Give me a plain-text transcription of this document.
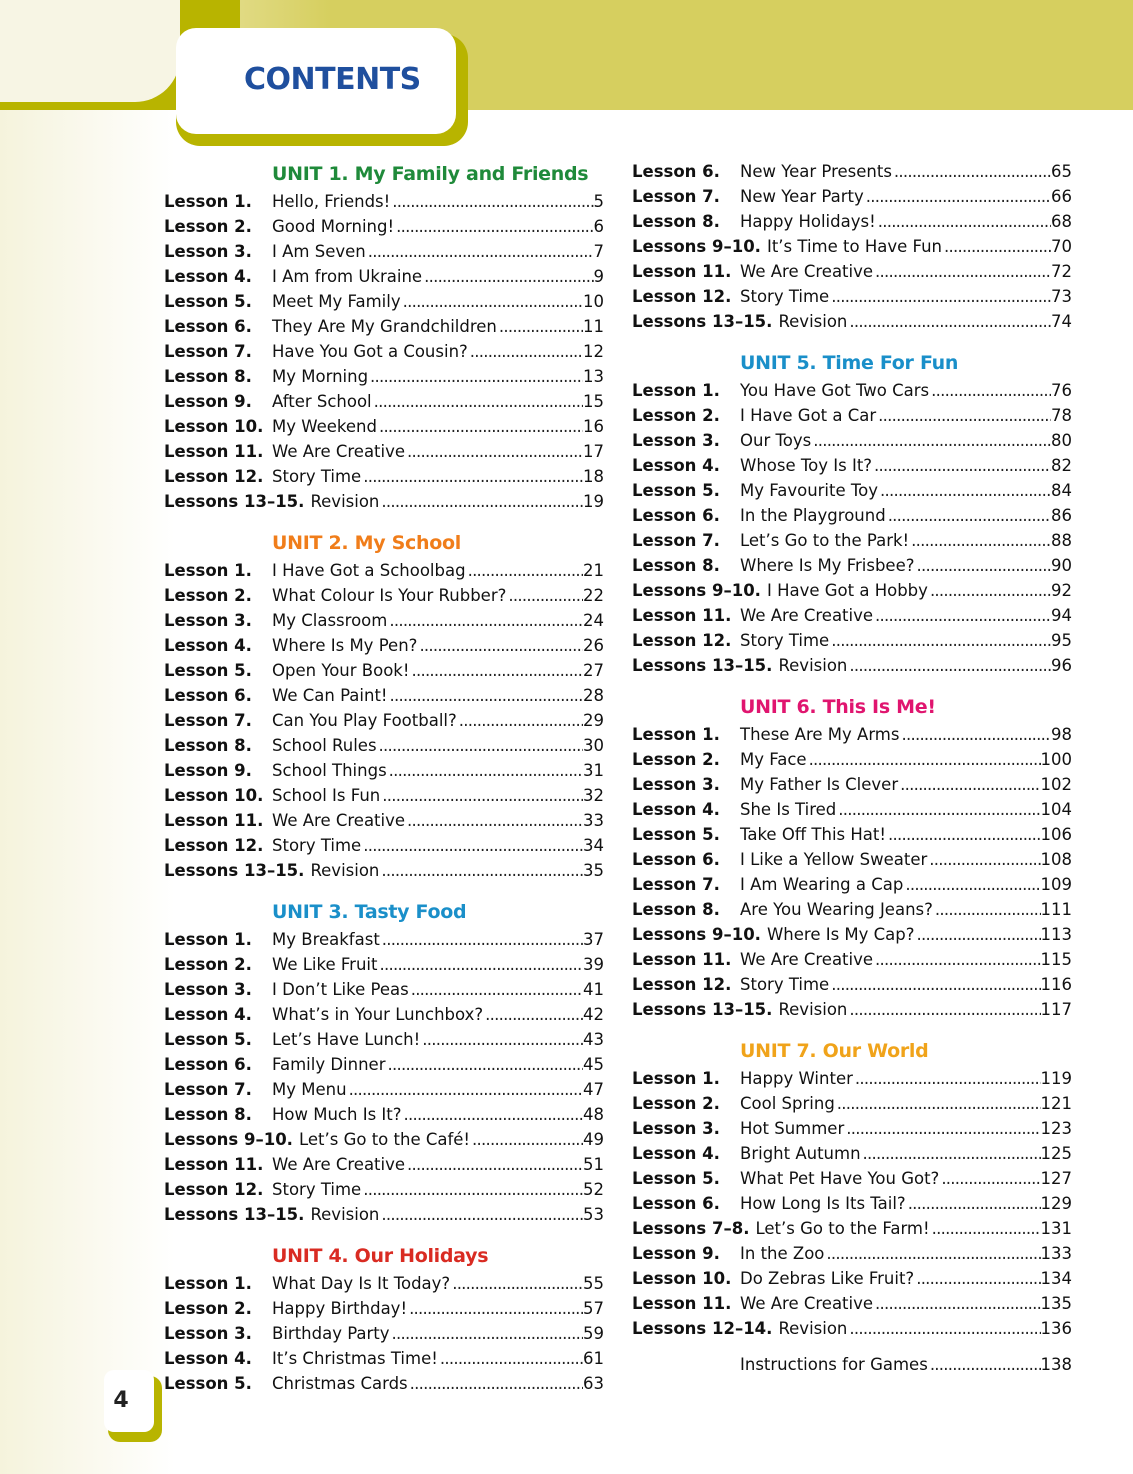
CONTENTS
UNIT 1. My Family and Friends
Lesson 1.	Hello, Friends! . . .	5
Lesson 2.	Good Morning! . . .	6
Lesson 3.	I Am Seven . . .	7
Lesson 4.	I Am from Ukraine . . .	9
Lesson 5.	Meet My Family . . .	10
Lesson 6.	They Are My Grandchildren . . .	11
Lesson 7.	Have You Got a Cousin? . . .	12
Lesson 8.	My Morning . . .	13
Lesson 9.	After School . . .	15
Lesson 10. My Weekend . . .	16
Lesson 11. We Are Creative . . .	17
Lesson 12. Story Time . . .	18
Lessons 13–15. Revision . . .	19
UNIT 2. My School
Lesson 1.	I Have Got a Schoolbag . . .	21
Lesson 2.	What Colour Is Your Rubber? . . .	22
Lesson 3.	My Classroom . . .	24
Lesson 4.	Where Is My Pen? . . .	26
Lesson 5.	Open Your Book! . . .	27
Lesson 6.	We Can Paint! . . .	28
Lesson 7.	Can You Play Football? . . .	29
Lesson 8.	School Rules . . .	30
Lesson 9.	School Things . . .	31
Lesson 10. School Is Fun . . .	32
Lesson 11. We Are Creative . . .	33
Lesson 12. Story Time . . .	34
Lessons 13–15. Revision . . .	35
UNIT 3. Tasty Food
Lesson 1.	My Breakfast . . .	37
Lesson 2.	We Like Fruit . . .	39
Lesson 3.	I Don’t Like Peas . . .	41
Lesson 4.	What’s in Your Lunchbox? . . .	42
Lesson 5.	Let’s Have Lunch! . . .	43
Lesson 6.	Family Dinner . . .	45
Lesson 7.	My Menu . . .	47
Lesson 8.	How Much Is It? . . .	48
Lessons 9–10. Let’s Go to the Café! . . .	49
Lesson 11. We Are Creative . . .	51
Lesson 12. Story Time . . .	52
Lessons 13–15. Revision . . .	53
UNIT 4. Our Holidays
Lesson 1.	What Day Is It Today? . . .	55
Lesson 2.	Happy Birthday! . . .	57
Lesson 3.	Birthday Party . . .	59
Lesson 4.	It’s Christmas Time! . . .	61
Lesson 5.	Christmas Cards . . .	63
Lesson 6.	New Year Presents . . .	65
Lesson 7.	New Year Party . . .	66
Lesson 8.	Happy Holidays! . . .	68
Lessons 9–10. It’s Time to Have Fun . . .	70
Lesson 11. We Are Creative . . .	72
Lesson 12. Story Time . . .	73
Lessons 13–15. Revision . . .	74
UNIT 5. Time For Fun
Lesson 1.	You Have Got Two Cars . . .	76
Lesson 2.	I Have Got a Car . . .	78
Lesson 3.	Our Toys . . .	80
Lesson 4.	Whose Toy Is It? . . .	82
Lesson 5.	My Favourite Toy . . .	84
Lesson 6.	In the Playground . . .	86
Lesson 7.	Let’s Go to the Park! . . .	88
Lesson 8.	Where Is My Frisbee? . . .	90
Lessons 9–10. I Have Got a Hobby . . .	92
Lesson 11. We Are Creative . . .	94
Lesson 12. Story Time . . .	95
Lessons 13–15. Revision . . .	96
UNIT 6. This Is Me!
Lesson 1.	These Are My Arms . . .	98
Lesson 2.	My Face . . .	100
Lesson 3.	My Father Is Clever . . .	102
Lesson 4.	She Is Tired . . .	104
Lesson 5.	Take Off This Hat! . . .	106
Lesson 6.	I Like a Yellow Sweater . . .	108
Lesson 7.	I Am Wearing a Cap . . .	109
Lesson 8.	Are You Wearing Jeans? . . .	111
Lessons 9–10. Where Is My Cap? . . .	113
Lesson 11. We Are Creative . . .	115
Lesson 12. Story Time . . .	116
Lessons 13–15. Revision . . .	117
UNIT 7. Our World
Lesson 1.	Happy Winter . . .	119
Lesson 2.	Cool Spring . . .	121
Lesson 3.	Hot Summer . . .	123
Lesson 4.	Bright Autumn . . .	125
Lesson 5.	What Pet Have You Got? . . .	127
Lesson 6.	How Long Is Its Tail? . . .	129
Lessons 7–8. Let’s Go to the Farm! . . .	131
Lesson 9.	In the Zoo . . .	133
Lesson 10. Do Zebras Like Fruit? . . .	134
Lesson 11. We Are Creative . . .	135
Lessons 12–14. Revision . . .	136
Instructions for Games . . .	138
4
